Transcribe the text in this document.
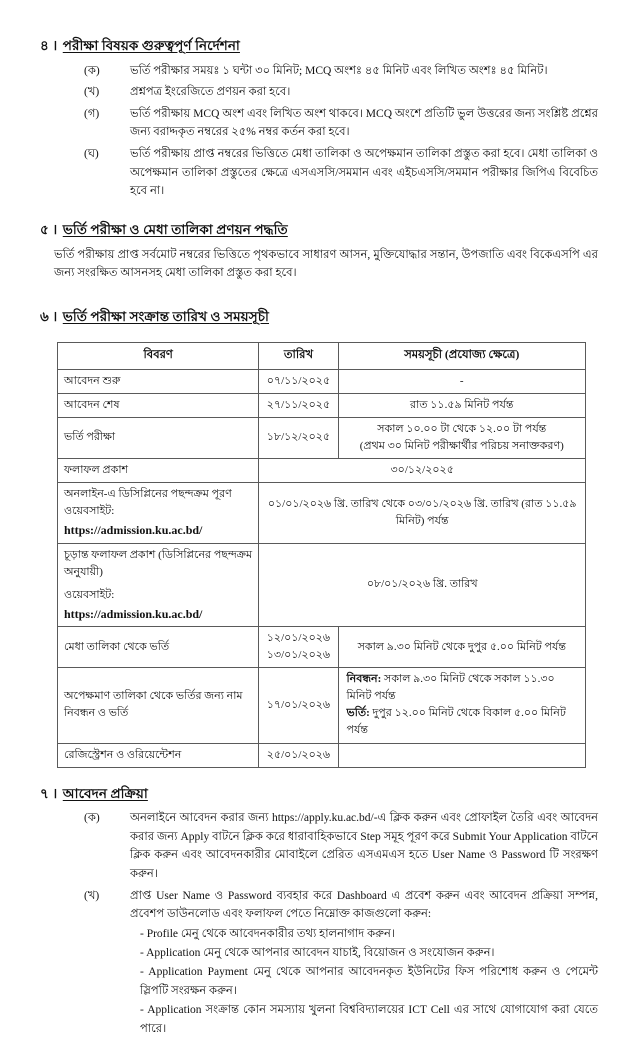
৪ । পরীক্ষা বিষয়ক গুরুত্বপূর্ণ নির্দেশনা
(ক)	ভর্তি পরীক্ষার সময়ঃ ১ ঘন্টা ৩০ মিনিট; MCQ অংশঃ ৪৫ মিনিট এবং লিখিত অংশঃ ৪৫ মিনিট।
(খ)	প্রশ্নপত্র ইংরেজিতে প্রণয়ন করা হবে।
(গ)	ভর্তি পরীক্ষায় MCQ অংশ এবং লিখিত অংশ থাকবে। MCQ অংশে প্রতিটি ভুল উত্তরের জন্য সংশ্লিষ্ট প্রশ্নের জন্য বরাদ্দকৃত নম্বরের ২৫% নম্বর কর্তন করা হবে।
(ঘ)	ভর্তি পরীক্ষায় প্রাপ্ত নম্বরের ভিত্তিতে মেধা তালিকা ও অপেক্ষমান তালিকা প্রস্তুত করা হবে। মেধা তালিকা ও অপেক্ষমান তালিকা প্রস্তুতের ক্ষেত্রে এসএসসি/সমমান এবং এইচএসসি/সমমান পরীক্ষার জিপিএ বিবেচিত হবে না।
৫ । ভর্তি পরীক্ষা ও মেধা তালিকা প্রণয়ন পদ্ধতি

ভর্তি পরীক্ষায় প্রাপ্ত সর্বমোট নম্বরের ভিত্তিতে পৃথকভাবে সাধারণ আসন, মুক্তিযোদ্ধার সন্তান, উপজাতি এবং বিকেএসপি এর জন্য সংরক্ষিত আসনসহ মেধা তালিকা প্রস্তুত করা হবে।

৬ । ভর্তি পরীক্ষা সংক্রান্ত তারিখ ও সময়সূচী
বিবরণ	তারিখ	সময়সূচী (প্রযোজ্য ক্ষেত্রে)
আবেদন শুরু	০৭/১১/২০২৫	-
আবেদন শেষ	২৭/১১/২০২৫	রাত ১১.৫৯ মিনিট পর্যন্ত
ভর্তি পরীক্ষা	১৮/১২/২০২৫	সকাল ১০.০০ টা থেকে ১২.০০ টা পর্যন্ত
(প্রথম ৩০ মিনিট পরীক্ষার্থীর পরিচয় সনাক্তকরণ)

ফলাফল প্রকাশ	৩০/১২/২০২৫	

অনলাইন-এ ডিসিপ্লিনের পছন্দক্রম পূরণ
ওয়েবসাইট:
https://admission.ku.ac.bd/	০১/০১/২০২৬ খ্রি. তারিখ থেকে ০৩/০১/২০২৬ খ্রি. তারিখ (রাত ১১.৫৯ মিনিট) পর্যন্ত	

চূড়ান্ত ফলাফল প্রকাশ (ডিসিপ্লিনের পছন্দক্রম
অনুযায়ী)
ওয়েবসাইট:
https://admission.ku.ac.bd/	০৮/০১/২০২৬ খ্রি. তারিখ	
মেধা তালিকা থেকে ভর্তি	১২/০১/২০২৬
১৩/০১/২০২৬	সকাল ৯.৩০ মিনিট থেকে দুপুর ৫.০০ মিনিট পর্যন্ত

অপেক্ষমাণ তালিকা থেকে ভর্তির জন্য নাম
নিবন্ধন ও ভর্তি	১৭/০১/২০২৬	নিবন্ধন: সকাল ৯.৩০ মিনিট থেকে সকাল ১১.৩০ মিনিট পর্যন্ত
ভর্তি: দুপুর ১২.০০ মিনিট থেকে বিকাল ৫.০০ মিনিট পর্যন্ত

রেজিস্ট্রেশন ও ওরিয়েন্টেশন	২৫/০১/২০২৬	
৭ । আবেদন প্রক্রিয়া
(ক)	অনলাইনে আবেদন করার জন্য https://apply.ku.ac.bd/-এ ক্লিক করুন এবং প্রোফাইল তৈরি এবং আবেদন করার জন্য Apply বাটনে ক্লিক করে ধারাবাহিকভাবে Step সমূহ পূরণ করে Submit Your Application বাটনে ক্লিক করুন এবং আবেদনকারীর মোবাইলে প্রেরিত এসএমএস হতে User Name ও Password টি সংরক্ষণ করুন।
(খ)	প্রাপ্ত User Name ও Password ব্যবহার করে Dashboard এ প্রবেশ করুন এবং আবেদন প্রক্রিয়া সম্পন্ন, প্রবেশপ ডাউনলোড এবং ফলাফল পেতে নিম্নোক্ত কাজগুলো করুন:
- Profile মেনু থেকে আবেদনকারীর তথ্য হালনাগাদ করুন।
- Application মেনু থেকে আপনার আবেদন যাচাই, বিয়োজন ও সংযোজন করুন।
- Application Payment মেনু থেকে আপনার আবেদনকৃত ইউনিটের ফিস পরিশোধ করুন ও পেমেন্ট স্লিপটি সংরক্ষন করুন।
- Application সংক্রান্ত কোন সমস্যায় খুলনা বিশ্ববিদ্যালয়ের ICT Cell এর সাথে যোগাযোগ করা যেতে পারে।
